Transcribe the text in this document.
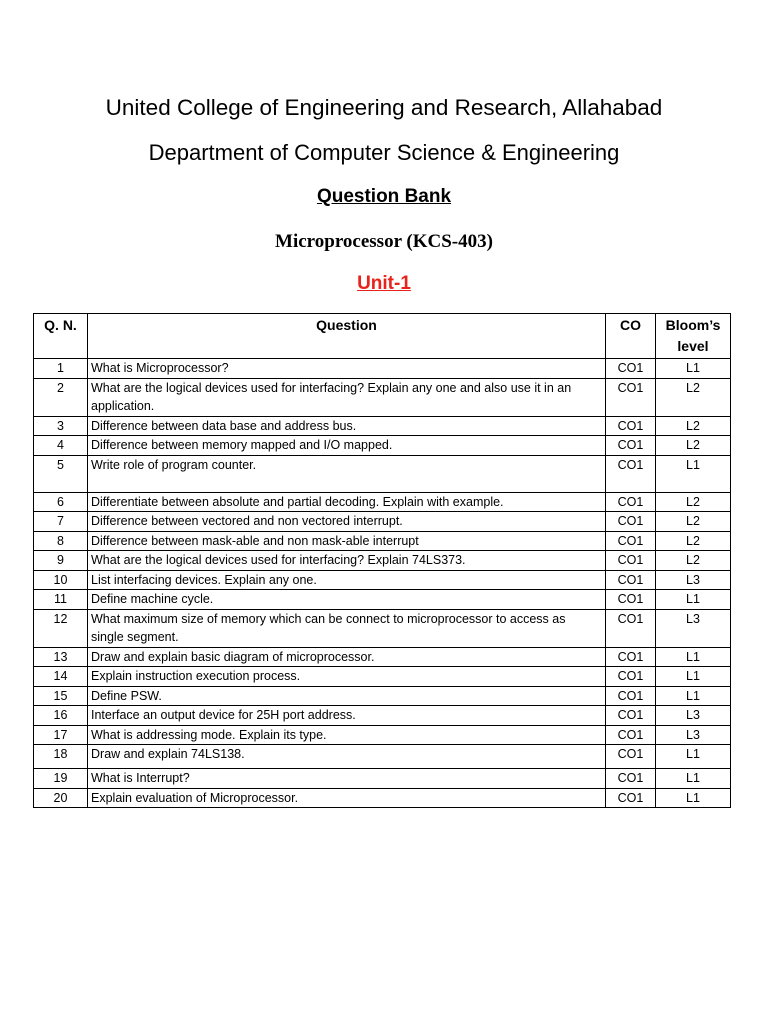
United College of Engineering and Research, Allahabad
Department of Computer Science & Engineering
Question Bank
Microprocessor (KCS-403)
Unit-1
Q. N.	Question	CO	Bloom’s level
1	What is Microprocessor?	CO1	L1
2	What are the logical devices used for interfacing? Explain any one and also use it in an application.	CO1	L2
3	Difference between data base and address bus.	CO1	L2
4	Difference between memory mapped and I/O mapped.	CO1	L2
5	Write role of program counter.	CO1	L1
6	Differentiate between absolute and partial decoding. Explain with example.	CO1	L2
7	Difference between vectored and non vectored interrupt.	CO1	L2
8	Difference between mask-able and non mask-able interrupt	CO1	L2
9	What are the logical devices used for interfacing? Explain 74LS373.	CO1	L2
10	List interfacing devices. Explain any one.	CO1	L3
11	Define machine cycle.	CO1	L1
12	What maximum size of memory which can be connect to microprocessor to access as single segment.	CO1	L3
13	Draw and explain basic diagram of microprocessor.	CO1	L1
14	Explain instruction execution process.	CO1	L1
15	Define PSW.	CO1	L1
16	Interface an output device for 25H port address.	CO1	L3
17	What is addressing mode. Explain its type.	CO1	L3
18	Draw and explain 74LS138.	CO1	L1
19	What is Interrupt?	CO1	L1
20	Explain evaluation of Microprocessor.	CO1	L1
